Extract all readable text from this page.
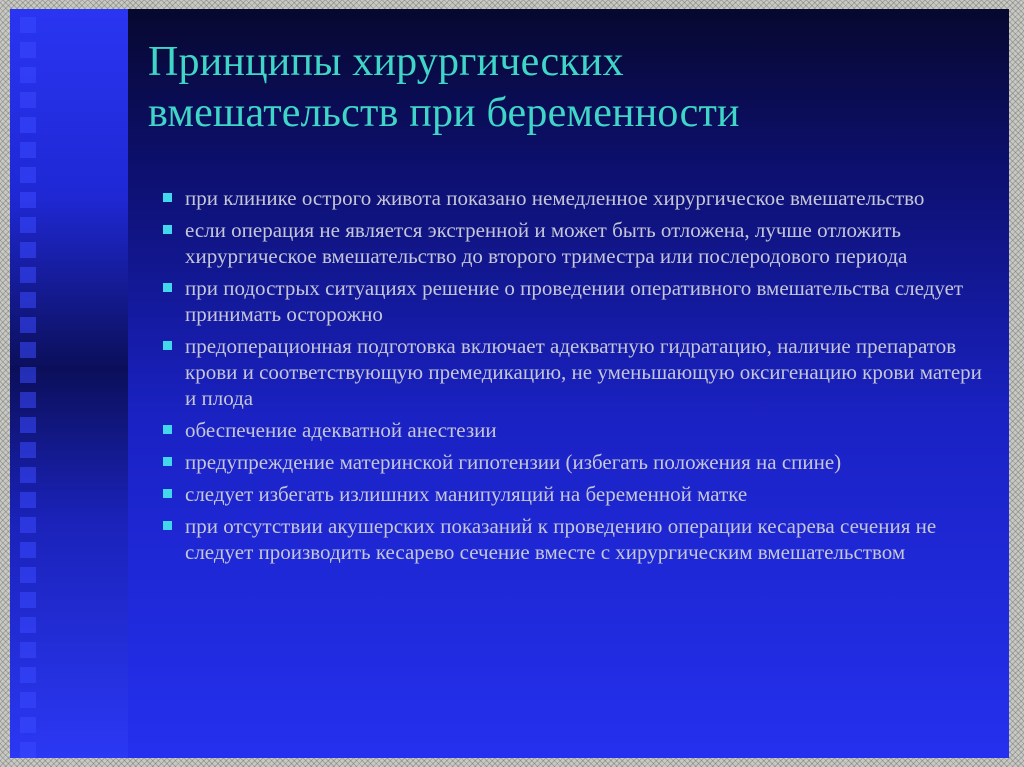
Принципы хирургических
вмешательств при беременности
при клинике острого живота показано немедленное хирургическое вмешательство
если операция не является экстренной и может быть отложена, лучше отложить хирургическое вмешательство до второго триместра или послеродового периода
при подострых ситуациях решение о проведении оперативного вмешательства следует принимать осторожно
предоперационная подготовка включает адекватную гидратацию, наличие препаратов крови и соответствующую премедикацию, не уменьшающую оксигенацию крови матери и плода
обеспечение адекватной анестезии
предупреждение материнской гипотензии (избегать положения на спине)
следует избегать излишних манипуляций на беременной матке
при отсутствии акушерских показаний к проведению операции кесарева сечения не следует производить кесарево сечение вместе с хирургическим вмешательством
